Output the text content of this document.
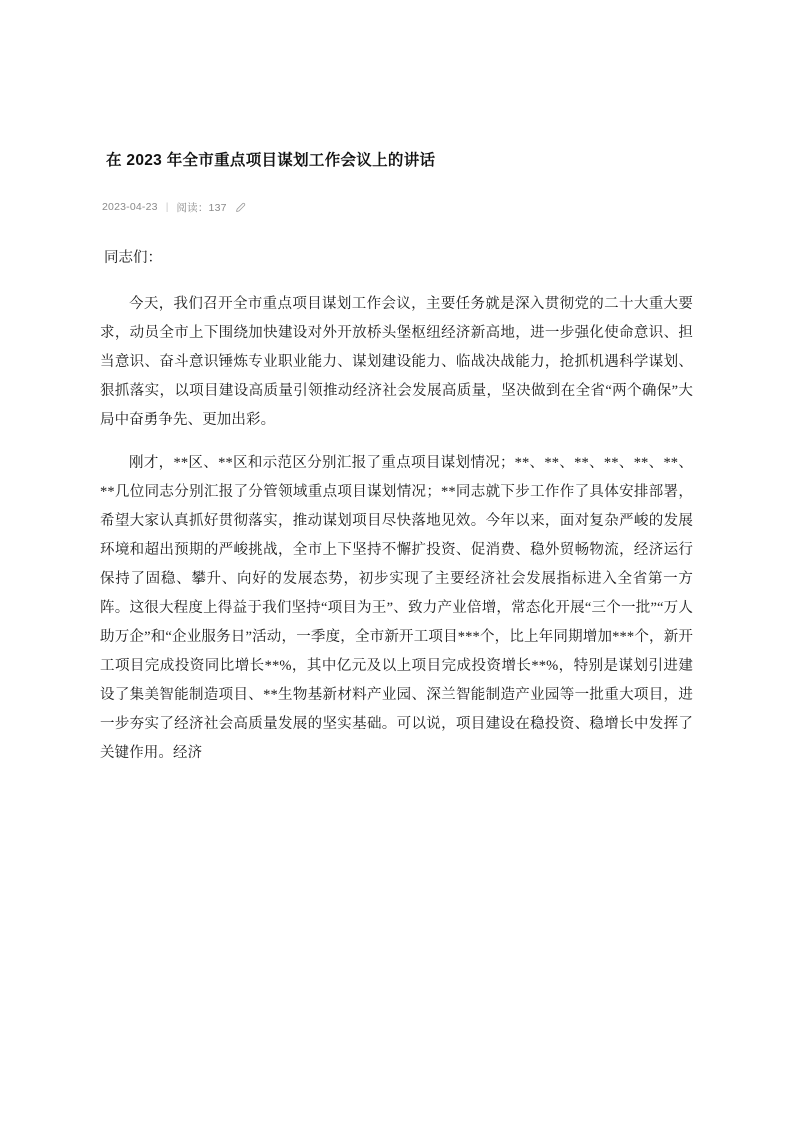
在 2023 年全市重点项目谋划工作会议上的讲话
2023-04-23 | 阅读：137

同志们：

今天，我们召开全市重点项目谋划工作会议，主要任务就是深入贯彻党的二十大重大要求，动员全市上下围绕加快建设对外开放桥头堡枢纽经济新高地，进一步强化使命意识、担当意识、奋斗意识锤炼专业职业能力、谋划建设能力、临战决战能力，抢抓机遇科学谋划、狠抓落实，以项目建设高质量引领推动经济社会发展高质量，坚决做到在全省“两个确保”大局中奋勇争先、更加出彩。

刚才，**区、**区和示范区分别汇报了重点项目谋划情况；**、**、**、**、**、**、**几位同志分别汇报了分管领域重点项目谋划情况；**同志就下步工作作了具体安排部署，希望大家认真抓好贯彻落实，推动谋划项目尽快落地见效。今年以来，面对复杂严峻的发展环境和超出预期的严峻挑战，全市上下坚持不懈扩投资、促消费、稳外贸畅物流，经济运行保持了固稳、攀升、向好的发展态势，初步实现了主要经济社会发展指标进入全省第一方阵。这很大程度上得益于我们坚持“项目为王”、致力产业倍增，常态化开展“三个一批”“万人助万企”和“企业服务日”活动，一季度，全市新开工项目***个，比上年同期增加***个，新开工项目完成投资同比增长**%，其中亿元及以上项目完成投资增长**%，特别是谋划引进建设了集美智能制造项目、**生物基新材料产业园、深兰智能制造产业园等一批重大项目，进一步夯实了经济社会高质量发展的坚实基础。可以说，项目建设在稳投资、稳增长中发挥了关键作用。经济
